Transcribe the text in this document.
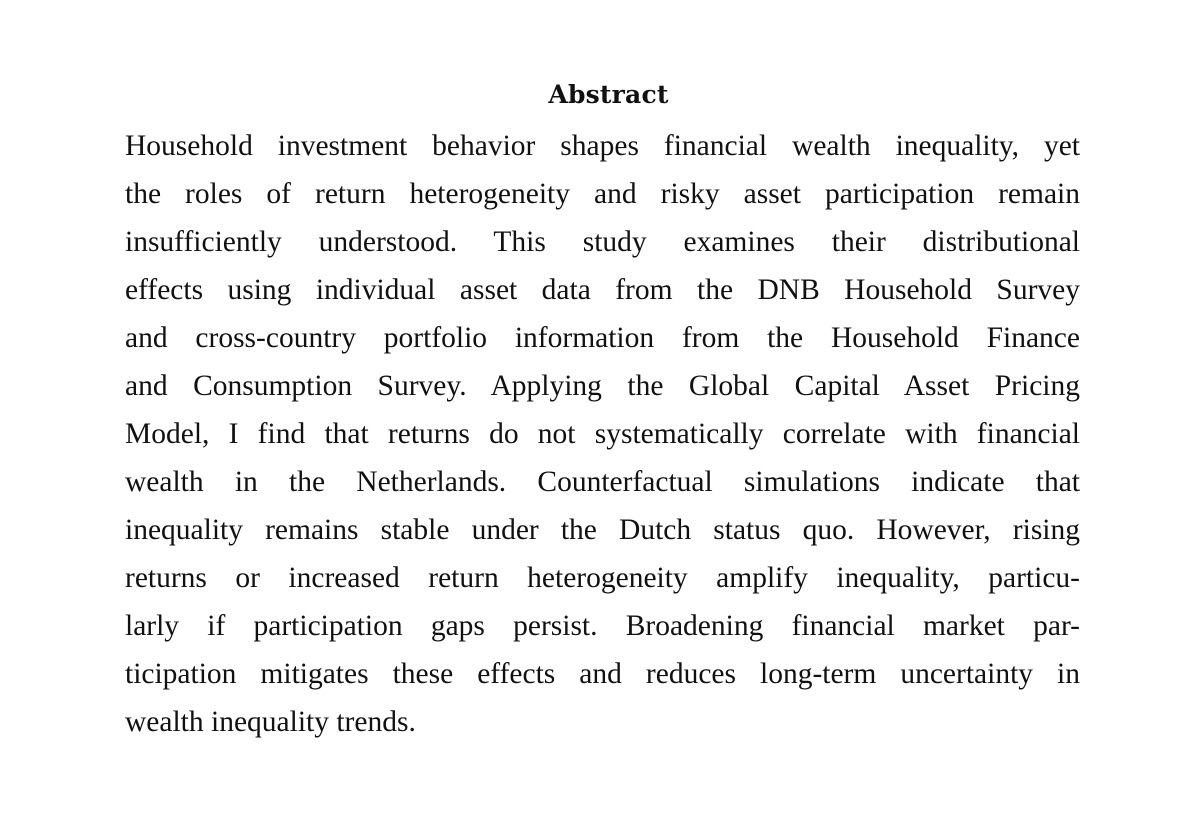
Abstract
Household investment behavior shapes financial wealth inequality, yet
the roles of return heterogeneity and risky asset participation remain
insufficiently understood. This study examines their distributional
effects using individual asset data from the DNB Household Survey
and cross-country portfolio information from the Household Finance
and Consumption Survey. Applying the Global Capital Asset Pricing
Model, I find that returns do not systematically correlate with financial
wealth in the Netherlands. Counterfactual simulations indicate that
inequality remains stable under the Dutch status quo. However, rising
returns or increased return heterogeneity amplify inequality, particu-
larly if participation gaps persist. Broadening financial market par-
ticipation mitigates these effects and reduces long-term uncertainty in
wealth inequality trends.
